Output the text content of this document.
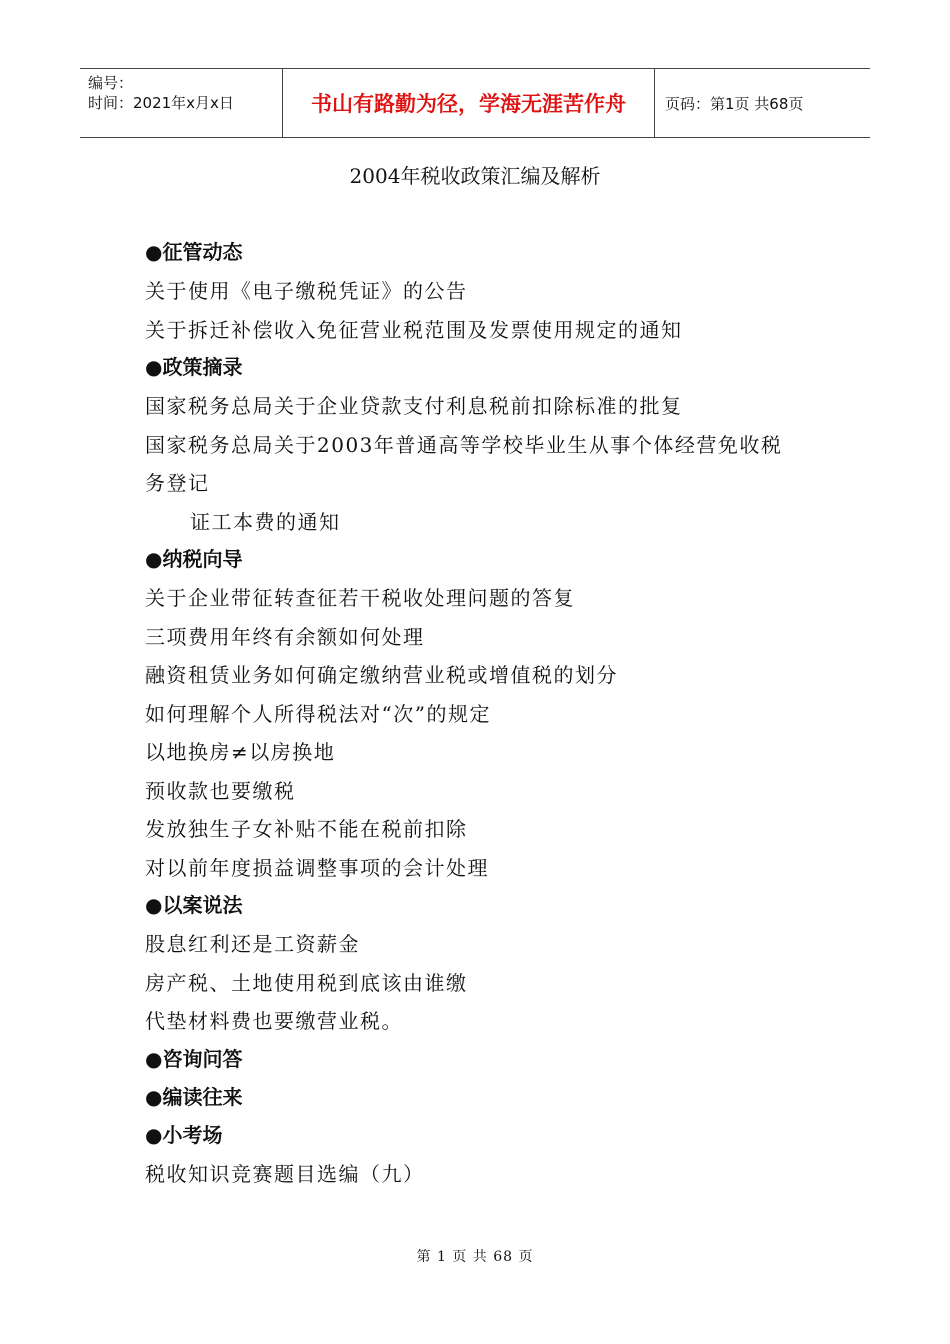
编号：
时间：2021年x月x日	书山有路勤为径，学海无涯苦作舟	页码：第1页 共68页
2004年税收政策汇编及解析
●征管动态
关于使用《电子缴税凭证》的公告
关于拆迁补偿收入免征营业税范围及发票使用规定的通知
●政策摘录
国家税务总局关于企业贷款支付利息税前扣除标准的批复
国家税务总局关于2003年普通高等学校毕业生从事个体经营免收税
务登记
证工本费的通知
●纳税向导
关于企业带征转查征若干税收处理问题的答复
三项费用年终有余额如何处理
融资租赁业务如何确定缴纳营业税或增值税的划分
如何理解个人所得税法对“次”的规定
以地换房≠以房换地
预收款也要缴税
发放独生子女补贴不能在税前扣除
对以前年度损益调整事项的会计处理
●以案说法
股息红利还是工资薪金
房产税、土地使用税到底该由谁缴
代垫材料费也要缴营业税。
●咨询问答
●编读往来
●小考场
税收知识竞赛题目选编（九）
第 1 页 共 68 页
